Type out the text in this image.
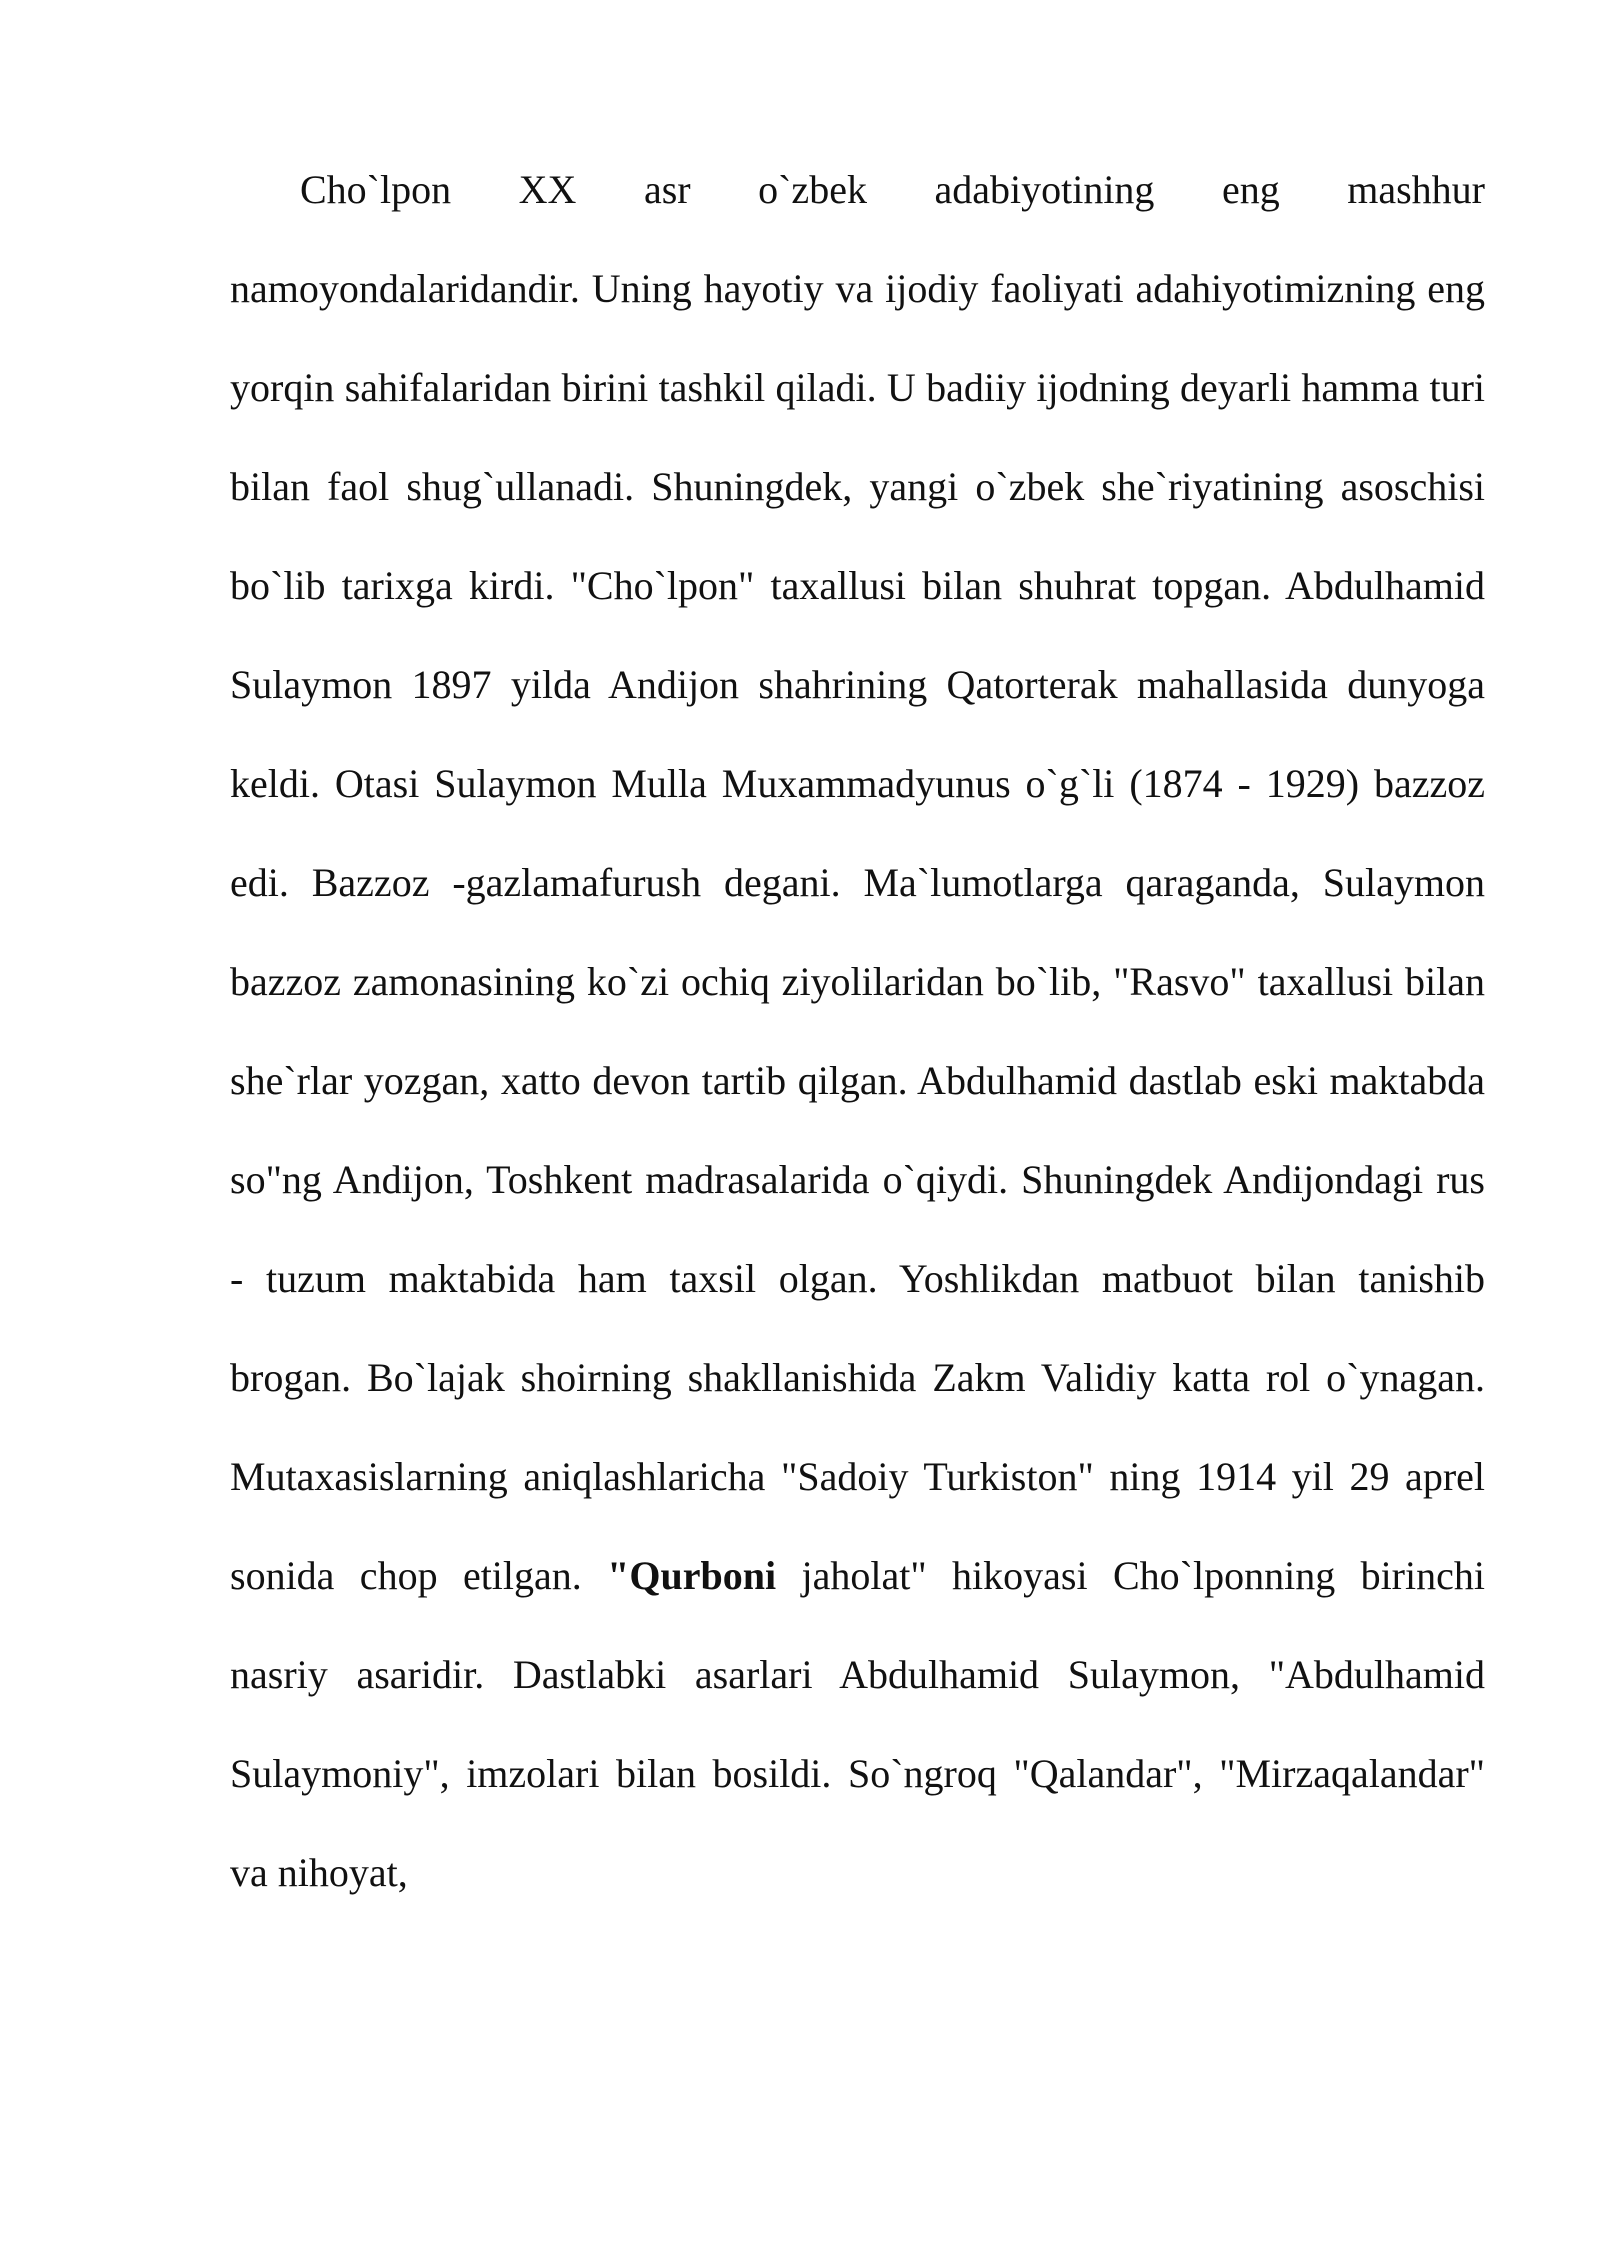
Cho`lpon XX asr o`zbek adabiyotining eng mashhur namoyondalaridandir. Uning hayotiy va ijodiy faoliyati adahiyotimizning eng yorqin sahifalaridan birini tashkil qiladi. U badiiy ijodning deyarli hamma turi bilan faol shug`ullanadi. Shuningdek, yangi o`zbek she`riyatining asoschisi bo`lib tarixga kirdi. "Cho`lpon" taxallusi bilan shuhrat topgan. Abdulhamid Sulaymon 1897 yilda Andijon shahrining Qatorterak mahallasida dunyoga keldi. Otasi Sulaymon Mulla Muxammadyunus o`g`li (1874 - 1929) bazzoz edi. Bazzoz -gazlamafurush degani. Ma`lumotlarga qaraganda, Sulaymon bazzoz zamonasining ko`zi ochiq ziyolilaridan bo`lib, "Rasvo" taxallusi bilan she`rlar yozgan, xatto devon tartib qilgan. Abdulhamid dastlab eski maktabda so"ng Andijon, Toshkent madrasalarida o`qiydi. Shuningdek Andijondagi rus - tuzum maktabida ham taxsil olgan. Yoshlikdan matbuot bilan tanishib brogan. Bo`lajak shoirning shakllanishida Zakm Validiy katta rol o`ynagan. Mutaxasislarning aniqlashlaricha "Sadoiy Turkiston" ning 1914 yil 29 aprel sonida chop etilgan. "Qurboni jaholat" hikoyasi Cho`lponning birinchi nasriy asaridir. Dastlabki asarlari Abdulhamid Sulaymon, "Abdulhamid Sulaymoniy", imzolari bilan bosildi. So`ngroq "Qalandar", "Mirzaqalandar" va nihoyat,
